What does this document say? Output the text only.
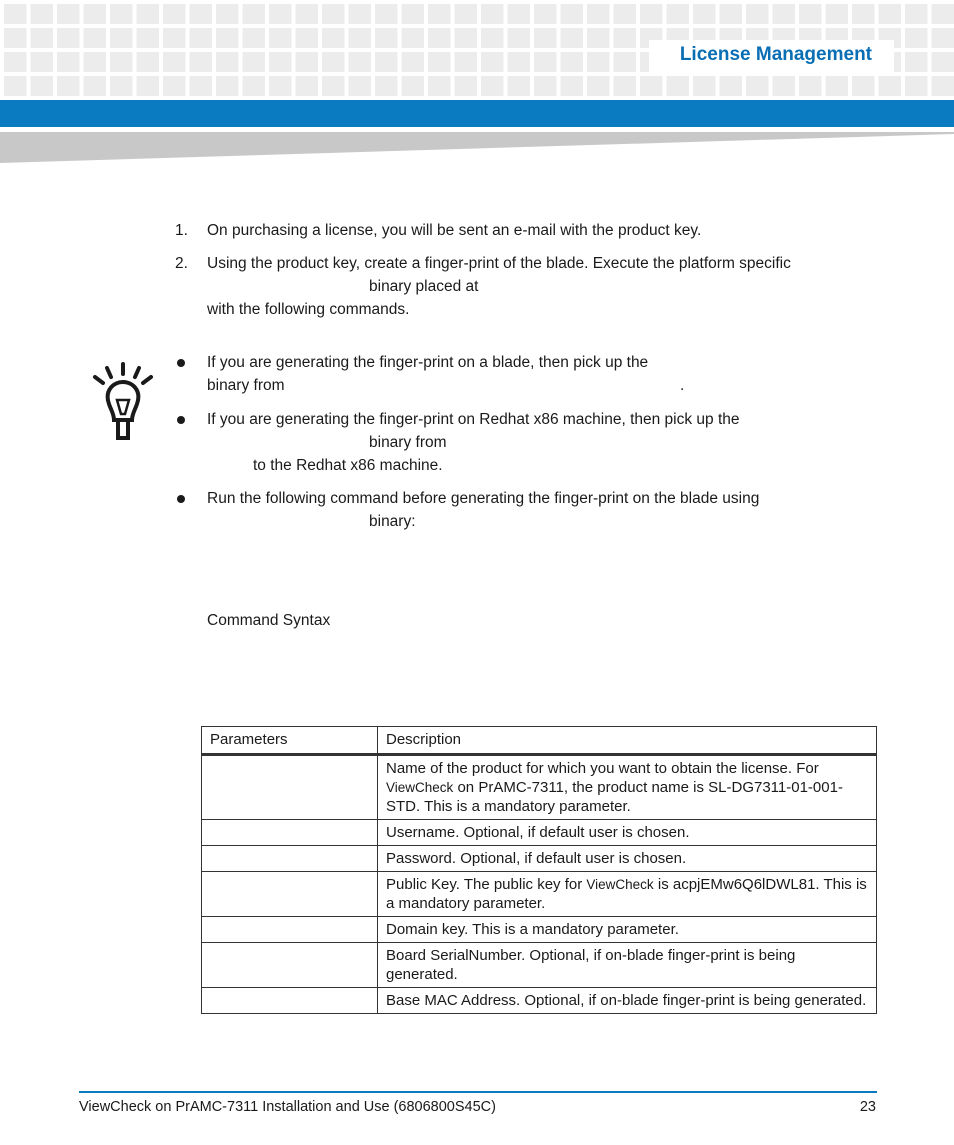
License Management
1. On purchasing a license, you will be sent an e-mail with the product key.
2. Using the product key, create a finger-print of the blade. Execute the platform specific
binary placed at
with the following commands.
If you are generating the finger-print on a blade, then pick up the
binary from	.
If you are generating the finger-print on Redhat x86 machine, then pick up the
binary from
to the Redhat x86 machine.
Run the following command before generating the finger-print on the blade using
binary:
Command Syntax
Parameters	Description
	Name of the product for which you want to obtain the license. For ViewCheck on PrAMC-7311, the product name is SL-DG7311-01-001-STD. This is a mandatory parameter.
	Username. Optional, if default user is chosen.
	Password. Optional, if default user is chosen.
	Public Key. The public key for ViewCheck is acpjEMw6Q6lDWL81. This is a mandatory parameter.
	Domain key. This is a mandatory parameter.
	Board SerialNumber. Optional, if on-blade finger-print is being generated.
	Base MAC Address. Optional, if on-blade finger-print is being generated.
ViewCheck on PrAMC-7311 Installation and Use (6806800S45C)	23
